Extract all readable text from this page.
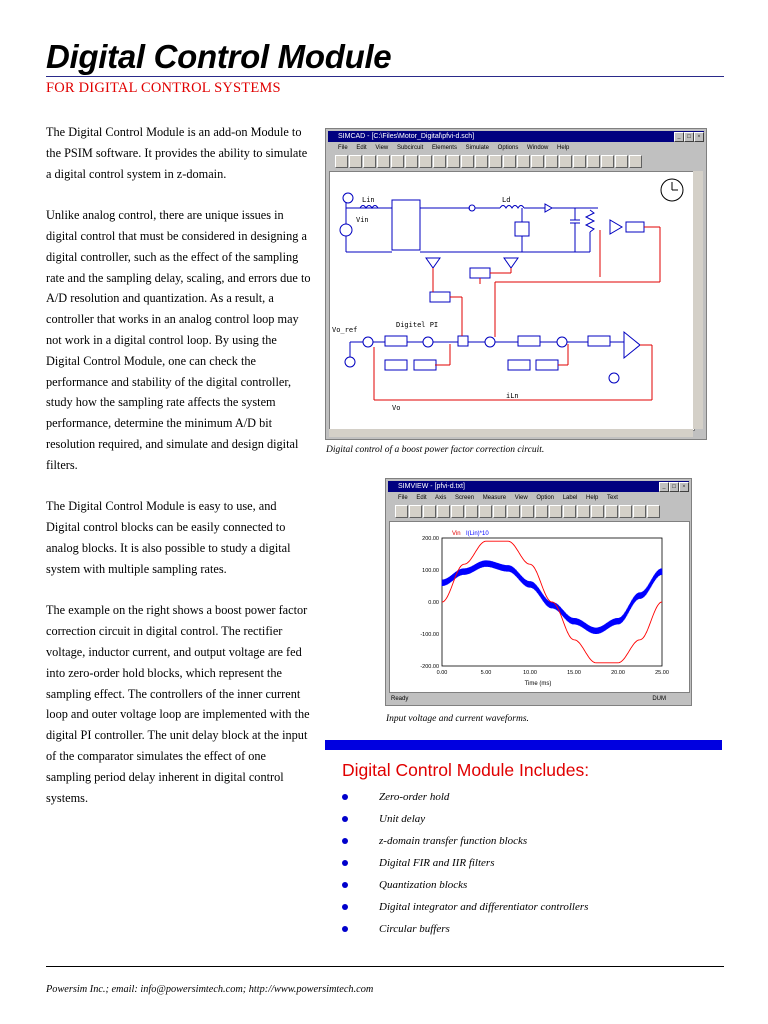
Digital Control Module
FOR DIGITAL CONTROL SYSTEMS

The Digital Control Module is an add-on Module to the PSIM software. It provides the ability to simulate a digital control system in z-domain.

Unlike analog control, there are unique issues in digital control that must be considered in designing a digital controller, such as the effect of the sampling rate and the sampling delay, scaling, and errors due to A/D resolution and quantization. As a result, a controller that works in an analog control loop may not work in a digital control loop. By using the Digital Control Module, one can check the performance and stability of the digital controller, study how the sampling rate affects the system performance, determine the minimum A/D bit resolution required, and simulate and design digital filters.

The Digital Control Module is easy to use, and Digital control blocks can be easily connected to analog blocks. It is also possible to study a digital system with multiple sampling rates.

The example on the right shows a boost power factor correction circuit in digital control. The rectifier voltage, inductor current, and output voltage are fed into zero-order hold blocks, which represent the sampling effect. The controllers of the inner current loop and outer voltage loop are implemented with the digital PI controller. The unit delay block at the input of the comparator simulates the effect of one sampling period delay inherent in digital control systems.

SIMCAD - [C:\Files\Motor_Digital\pfvi-d.sch]	_	□	×
File Edit View Subcircuit Elements Simulate Options Window Help
Lin
Vin
Ld
Digitel PI
Vo_ref
Vo
iLn
Digital control of a boost power factor correction circuit.
SIMVIEW - [pfvi-d.txt]	_	□	×
File Edit Axis Screen Measure View Option Label Help Text
200.00
100.00
0.00
-100.00
-200.00
0.00	5.00	10.00	15.00	20.00	25.00
Vin I(Lin)*10
Time (ms)
Ready	DUM
Input voltage and current waveforms.
Digital Control Module Includes:
Zero-order hold
Unit delay
z-domain transfer function blocks
Digital FIR and IIR filters
Quantization blocks
Digital integrator and differentiator controllers
Circular buffers
Powersim Inc.; email: info@powersimtech.com; http://www.powersimtech.com
